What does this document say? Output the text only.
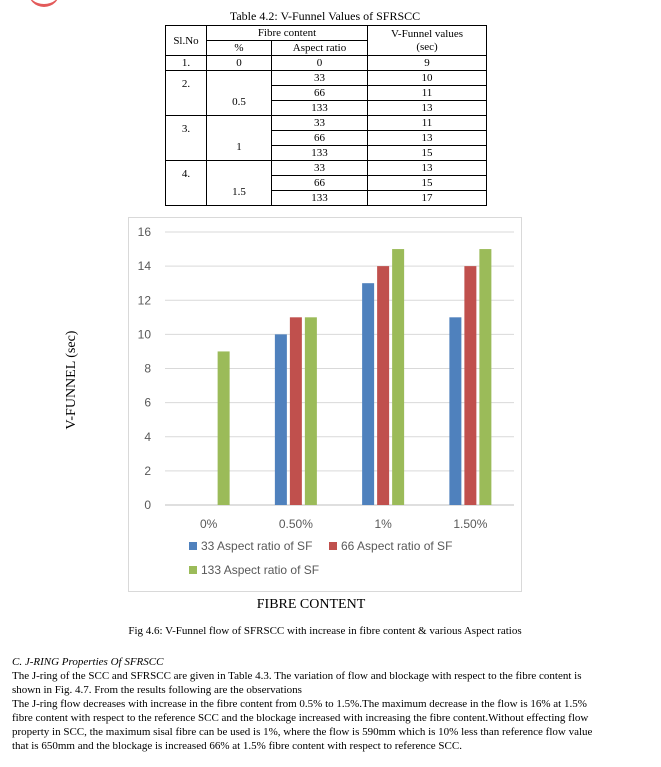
Table 4.2: V-Funnel Values of SFRSCC
Sl.No	Fibre content		V-Funnel values
(sec)
	%	Aspect ratio	
1.	0	0	9
2.	0.5	33	10
		66	11
		133	13
3.	1	33	11
		66	13
		133	15
4.	1.5	33	13
		66	15
		133	17
0
2
4
6
8
10
12
14
16
0%	0.50%	1%	1.50%
33 Aspect ratio of SF 66 Aspect ratio of SF
133 Aspect ratio of SF
V-FUNNEL (sec)
FIBRE CONTENT
Fig 4.6: V-Funnel flow of SFRSCC with increase in fibre content & various Aspect ratios
C. J-RING Properties Of SFRSCC
The J-ring of the SCC and SFRSCC are given in Table 4.3. The variation of flow and blockage with respect to the fibre content is
shown in Fig. 4.7. From the results following are the observations
The J-ring flow decreases with increase in the fibre content from 0.5% to 1.5%.The maximum decrease in the flow is 16% at 1.5%
fibre content with respect to the reference SCC and the blockage increased with increasing the fibre content.Without effecting flow
property in SCC, the maximum sisal fibre can be used is 1%, where the flow is 590mm which is 10% less than reference flow value
that is 650mm and the blockage is increased 66% at 1.5% fibre content with respect to reference SCC.
